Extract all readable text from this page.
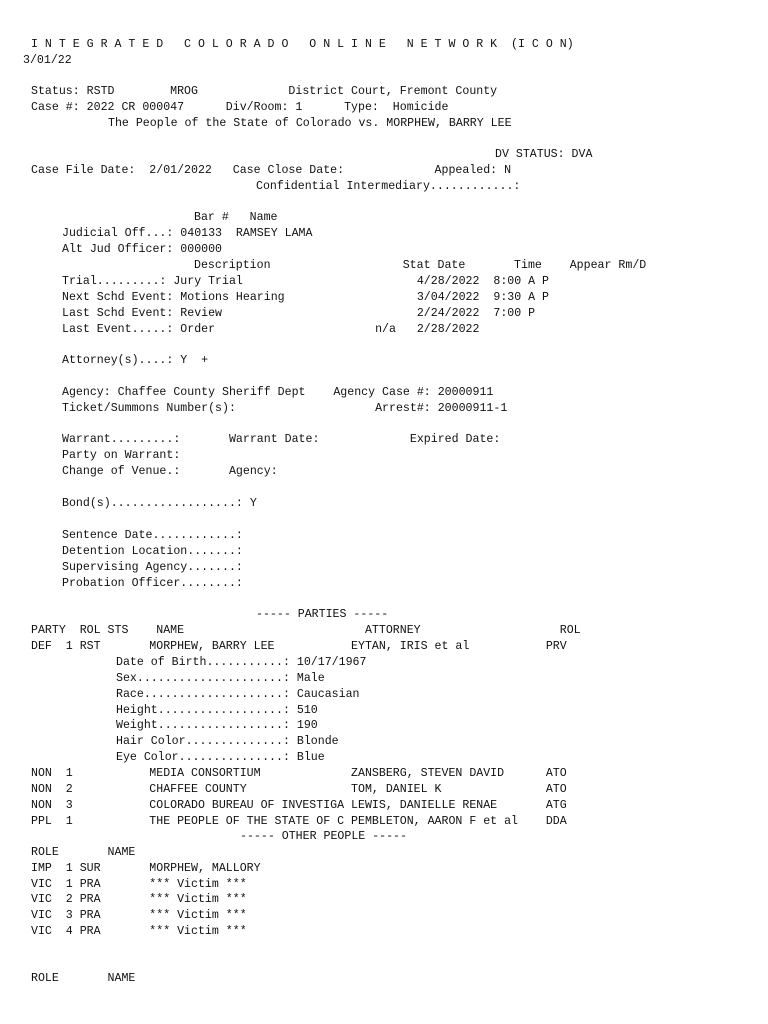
I N T E G R A T E D   C O L O R A D O   O N L I N E   N E T W O R K  (I C O N)
3/01/22
Status: RSTD        MROG             District Court, Fremont County
Case #: 2022 CR 000047      Div/Room: 1      Type:  Homicide
The People of the State of Colorado vs. MORPHEW, BARRY LEE
DV STATUS: DVA
Case File Date:  2/01/2022   Case Close Date:             Appealed: N
Confidential Intermediary............:
Bar #   Name
Judicial Off...: 040133  RAMSEY LAMA
Alt Jud Officer: 000000
Description                   Stat Date       Time    Appear Rm/D
Trial.........: Jury Trial                         4/28/2022  8:00 A P
Next Schd Event: Motions Hearing                   3/04/2022  9:30 A P
Last Schd Event: Review                            2/24/2022  7:00 P
Last Event.....: Order                       n/a   2/28/2022
Attorney(s)....: Y  +
Agency: Chaffee County Sheriff Dept    Agency Case #: 20000911
Ticket/Summons Number(s):                    Arrest#: 20000911-1
Warrant.........:       Warrant Date:             Expired Date:
Party on Warrant:
Change of Venue.:       Agency:
Bond(s)..................: Y
Sentence Date............:
Detention Location.......:
Supervising Agency.......:
Probation Officer........:
----- PARTIES -----
PARTY  ROL STS    NAME                          ATTORNEY                    ROL
DEF  1 RST       MORPHEW, BARRY LEE           EYTAN, IRIS et al           PRV
Date of Birth...........: 10/17/1967
Sex.....................: Male
Race....................: Caucasian
Height..................: 510
Weight..................: 190
Hair Color..............: Blonde
Eye Color...............: Blue
NON  1           MEDIA CONSORTIUM             ZANSBERG, STEVEN DAVID      ATO
NON  2           CHAFFEE COUNTY               TOM, DANIEL K               ATO
NON  3           COLORADO BUREAU OF INVESTIGA LEWIS, DANIELLE RENAE       ATG
PPL  1           THE PEOPLE OF THE STATE OF C PEMBLETON, AARON F et al    DDA
----- OTHER PEOPLE -----
ROLE       NAME
IMP  1 SUR       MORPHEW, MALLORY
VIC  1 PRA       *** Victim ***
VIC  2 PRA       *** Victim ***
VIC  3 PRA       *** Victim ***
VIC  4 PRA       *** Victim ***
ROLE       NAME
